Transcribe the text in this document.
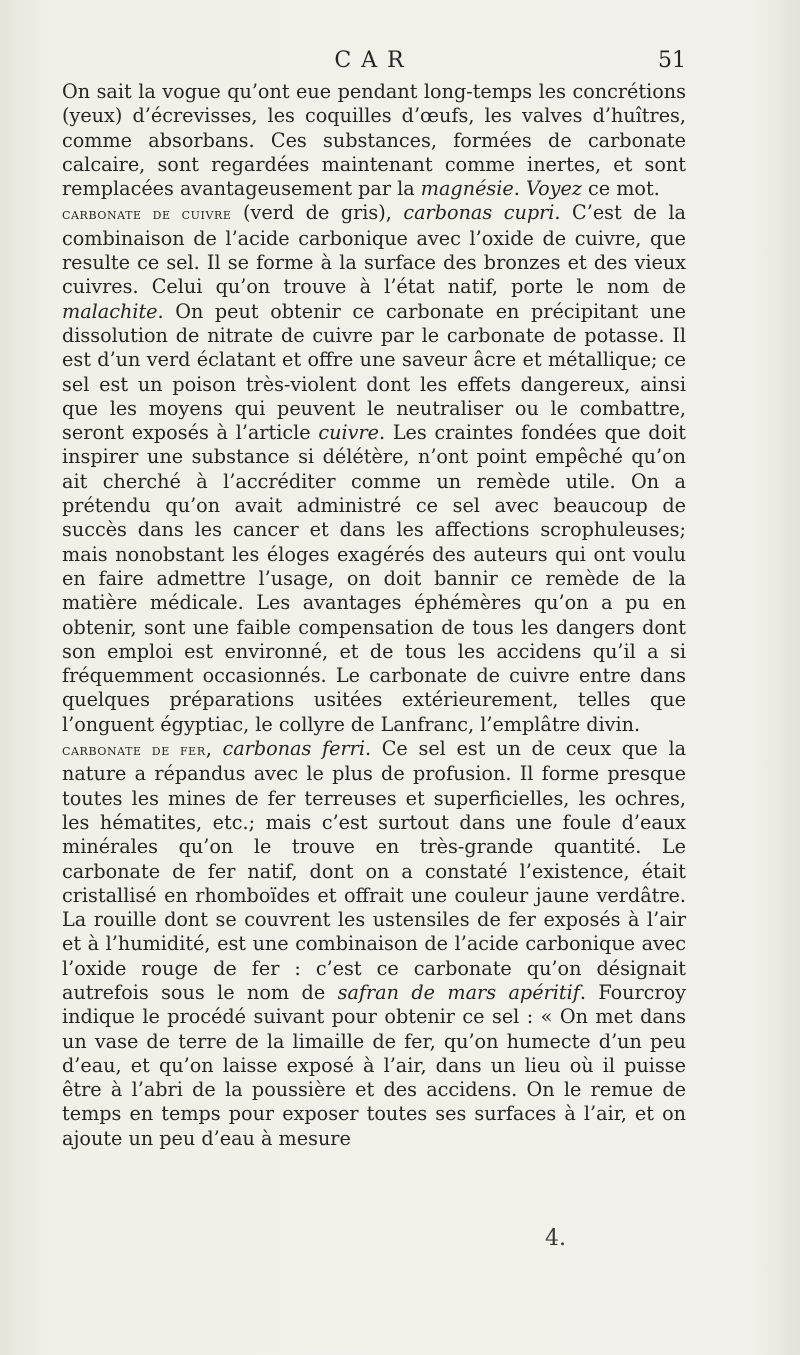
CAR	51

On sait la vogue qu’ont eue pendant long-temps les concrétions (yeux) d’écrevisses, les coquilles d’œufs, les valves d’huîtres, comme absorbans. Ces substances, formées de carbonate calcaire, sont regardées maintenant comme inertes, et sont remplacées avantageusement par la magnésie. Voyez ce mot.

carbonate de cuivre (verd de gris), carbonas cupri. C’est de la combinaison de l’acide carbonique avec l’oxide de cuivre, que resulte ce sel. Il se forme à la surface des bronzes et des vieux cuivres. Celui qu’on trouve à l’état natif, porte le nom de malachite. On peut obtenir ce carbonate en précipitant une dissolution de nitrate de cuivre par le carbonate de potasse. Il est d’un verd éclatant et offre une saveur âcre et métallique; ce sel est un poison très-violent dont les effets dangereux, ainsi que les moyens qui peuvent le neutraliser ou le combattre, seront exposés à l’article cuivre. Les craintes fondées que doit inspirer une substance si délétère, n’ont point empêché qu’on ait cherché à l’accréditer comme un remède utile. On a prétendu qu’on avait administré ce sel avec beaucoup de succès dans les cancer et dans les affections scrophuleuses; mais nonobstant les éloges exagérés des auteurs qui ont voulu en faire admettre l’usage, on doit bannir ce remède de la matière médicale. Les avantages éphémères qu’on a pu en obtenir, sont une faible compensation de tous les dangers dont son emploi est environné, et de tous les accidens qu’il a si fréquemment occasionnés. Le carbonate de cuivre entre dans quelques préparations usitées extérieurement, telles que l’onguent égyptiac, le collyre de Lanfranc, l’emplâtre divin.

carbonate de fer, carbonas ferri. Ce sel est un de ceux que la nature a répandus avec le plus de profusion. Il forme presque toutes les mines de fer terreuses et superficielles, les ochres, les hématites, etc.; mais c’est surtout dans une foule d’eaux minérales qu’on le trouve en très-grande quantité. Le carbonate de fer natif, dont on a constaté l’existence, était cristallisé en rhomboïdes et offrait une couleur jaune verdâtre. La rouille dont se couvrent les ustensiles de fer exposés à l’air et à l’humidité, est une combinaison de l’acide carbonique avec l’oxide rouge de fer : c’est ce carbonate qu’on désignait autrefois sous le nom de safran de mars apéritif. Fourcroy indique le procédé suivant pour obtenir ce sel : « On met dans un vase de terre de la limaille de fer, qu’on humecte d’un peu d’eau, et qu’on laisse exposé à l’air, dans un lieu où il puisse être à l’abri de la poussière et des accidens. On le remue de temps en temps pour exposer toutes ses surfaces à l’air, et on ajoute un peu d’eau à mesure

4.
